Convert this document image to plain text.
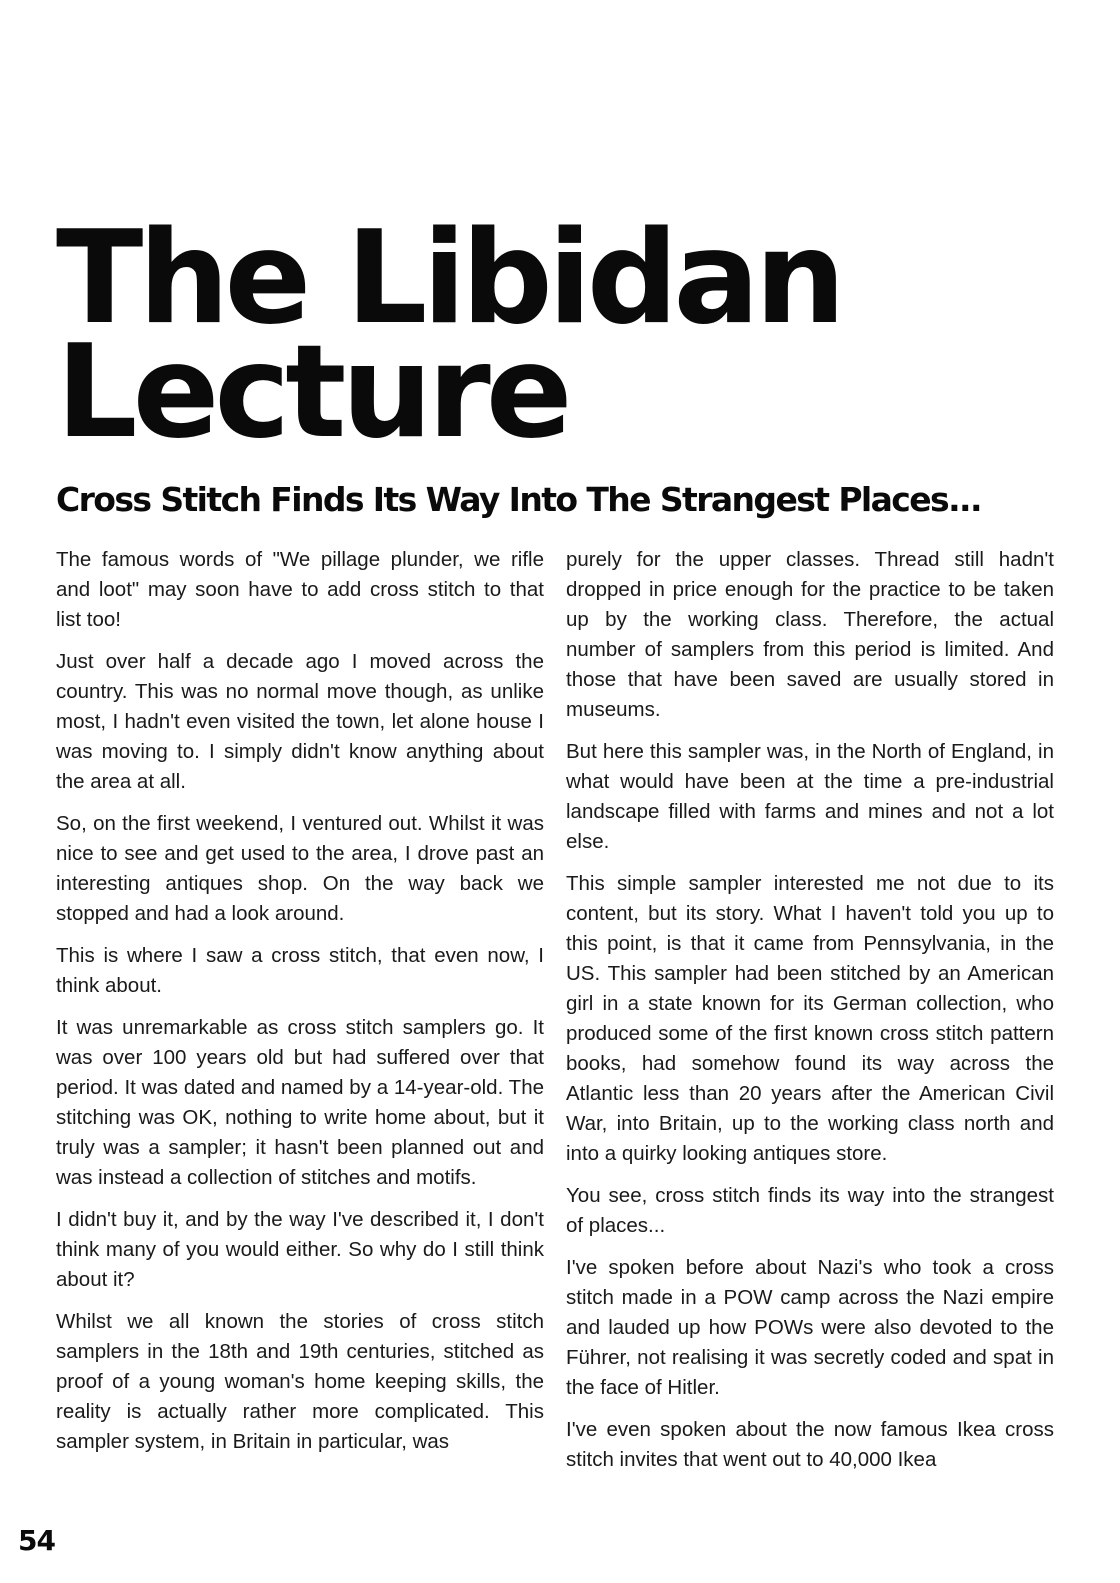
The Libidan
Lecture
Cross Stitch Finds Its Way Into The Strangest Places...

The famous words of "We pillage plunder, we rifle and loot" may soon have to add cross stitch to that list too!

Just over half a decade ago I moved across the country. This was no normal move though, as unlike most, I hadn't even visited the town, let alone house I was moving to. I simply didn't know anything about the area at all.

So, on the first weekend, I ventured out. Whilst it was nice to see and get used to the area, I drove past an interesting antiques shop. On the way back we stopped and had a look around.

This is where I saw a cross stitch, that even now, I think about.

It was unremarkable as cross stitch samplers go. It was over 100 years old but had suffered over that period. It was dated and named by a 14-year-old. The stitching was OK, nothing to write home about, but it truly was a sampler; it hasn't been planned out and was instead a collection of stitches and motifs.

I didn't buy it, and by the way I've described it, I don't think many of you would either. So why do I still think about it?

Whilst we all known the stories of cross stitch samplers in the 18th and 19th centuries, stitched as proof of a young woman's home keeping skills, the reality is actually rather more complicated. This sampler system, in Britain in particular, was

purely for the upper classes. Thread still hadn't dropped in price enough for the practice to be taken up by the working class. Therefore, the actual number of samplers from this period is limited. And those that have been saved are usually stored in museums.

But here this sampler was, in the North of England, in what would have been at the time a pre-industrial landscape filled with farms and mines and not a lot else.

This simple sampler interested me not due to its content, but its story. What I haven't told you up to this point, is that it came from Pennsylvania, in the US. This sampler had been stitched by an American girl in a state known for its German collection, who produced some of the first known cross stitch pattern books, had somehow found its way across the Atlantic less than 20 years after the American Civil War, into Britain, up to the working class north and into a quirky looking antiques store.

You see, cross stitch finds its way into the strangest of places...

I've spoken before about Nazi's who took a cross stitch made in a POW camp across the Nazi empire and lauded up how POWs were also devoted to the Führer, not realising it was secretly coded and spat in the face of Hitler.

I've even spoken about the now famous Ikea cross stitch invites that went out to 40,000 Ikea

54
